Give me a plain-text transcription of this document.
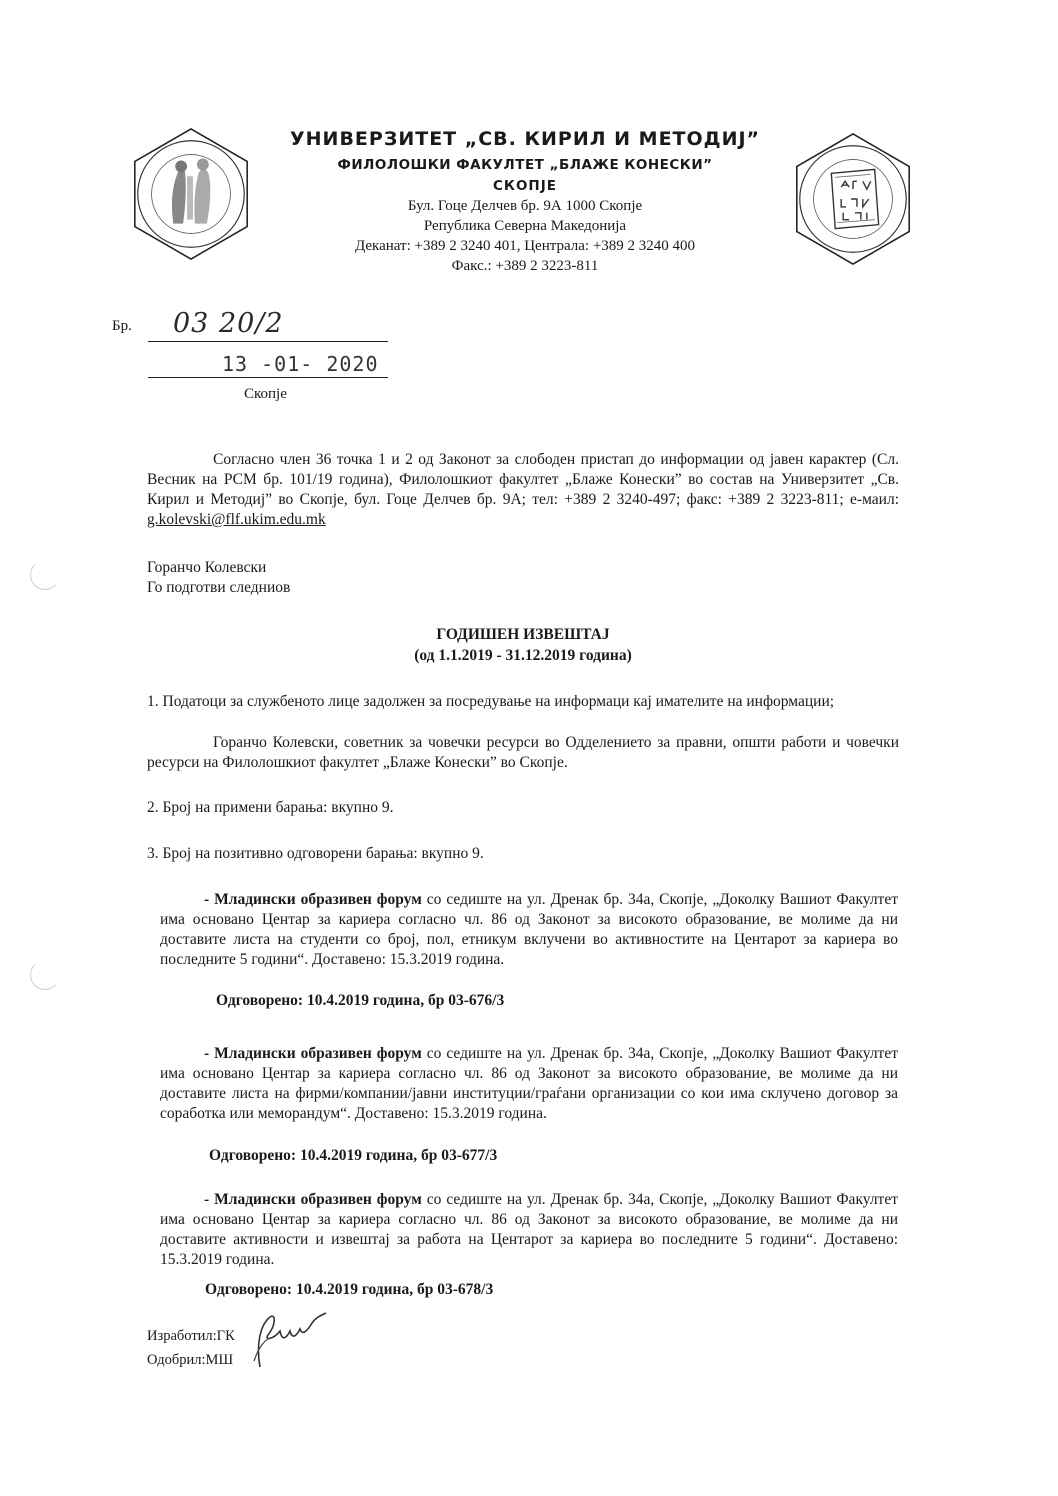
УНИВЕРЗИТЕТ „СВ. КИРИЛ И МЕТОДИЈ”
ФИЛОЛОШКИ ФАКУЛТЕТ „БЛАЖЕ КОНЕСКИ”
СКОПЈЕ
Бул. Гоце Делчев бр. 9А 1000 Скопје
Република Северна Македонија
Деканат: +389 2 3240 401, Централа: +389 2 3240 400
Факс.: +389 2 3223-811
Бр. 03 20/2
13 -01- 2020
Скопје
Согласно член 36 точка 1 и 2 од Законот за слободен пристап до информации од јавен карактер (Сл. Весник на РСМ бр. 101/19 година), Филолошкиот факултет „Блаже Конески” во состав на Универзитет „Св. Кирил и Методиј” во Скопје, бул. Гоце Делчев бр. 9А; тел: +389 2 3240-497; факс: +389 2 3223-811; е-маил: g.kolevski@flf.ukim.edu.mk
Горанчо Колевски
Го подготви следниов
ГОДИШЕН ИЗВЕШТАЈ
(од 1.1.2019 - 31.12.2019 година)
1. Податоци за службеното лице задолжен за посредување на информаци кај имателите на информации;
Горанчо Колевски, советник за човечки ресурси во Одделението за правни, општи работи и човечки ресурси на Филолошкиот факултет „Блаже Конески” во Скопје.
2. Број на примени барања: вкупно 9.
3. Број на позитивно одговорени барања: вкупно 9.
- Младински образивен форум со седиште на ул. Дренак бр. 34а, Скопје, „Доколку Вашиот Факултет има основано Центар за кариера согласно чл. 86 од Законот за високото образование, ве молиме да ни доставите листа на студенти со број, пол, етникум вклучени во активностите на Центарот за кариера во последните 5 години“. Доставено: 15.3.2019 година.
Одговорено: 10.4.2019 година, бр 03-676/3
- Младински образивен форум со седиште на ул. Дренак бр. 34а, Скопје, „Доколку Вашиот Факултет има основано Центар за кариера согласно чл. 86 од Законот за високото образование, ве молиме да ни доставите листа на фирми/компании/јавни институции/граѓани организации со кои има склучено договор за соработка или меморандум“. Доставено: 15.3.2019 година.
Одговорено: 10.4.2019 година, бр 03-677/3
- Младински образивен форум со седиште на ул. Дренак бр. 34а, Скопје, „Доколку Вашиот Факултет има основано Центар за кариера согласно чл. 86 од Законот за високото образование, ве молиме да ни доставите активности и извештај за работа на Центарот за кариера во последните 5 години“. Доставено: 15.3.2019 година.
Одговорено: 10.4.2019 година, бр 03-678/3
Изработил:ГК
Одобрил:МШ
